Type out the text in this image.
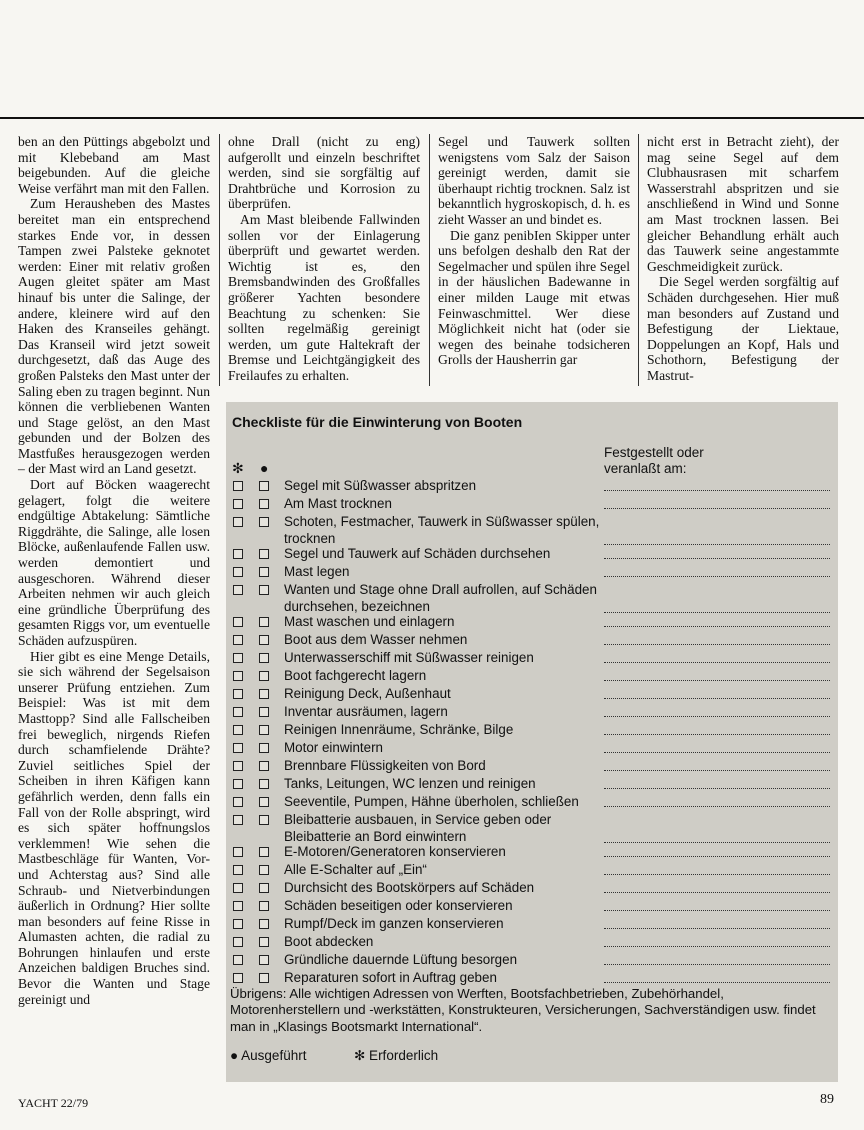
ben an den Püttings abgebolzt und mit Klebeband am Mast beigebunden. Auf die gleiche Weise verfährt man mit den Fallen.

Zum Herausheben des Mastes bereitet man ein entsprechend starkes Ende vor, in dessen Tampen zwei Palsteke geknotet werden: Einer mit relativ großen Augen gleitet später am Mast hinauf bis unter die Salinge, der andere, kleinere wird auf den Haken des Kranseiles gehängt. Das Kranseil wird jetzt soweit durchgesetzt, daß das Auge des großen Palsteks den Mast unter der Saling eben zu tragen beginnt. Nun können die verbliebenen Wanten und Stage gelöst, an den Mast gebunden und der Bolzen des Mastfußes herausgezogen werden – der Mast wird an Land gesetzt.

Dort auf Böcken waagerecht gelagert, folgt die weitere endgültige Abtakelung: Sämtliche Riggdrähte, die Salinge, alle losen Blöcke, außenlaufende Fallen usw. werden demontiert und ausgeschoren. Während dieser Arbeiten nehmen wir auch gleich eine gründliche Überprüfung des gesamten Riggs vor, um eventuelle Schäden aufzuspüren.

Hier gibt es eine Menge Details, sie sich während der Segelsaison unserer Prüfung entziehen. Zum Beispiel: Was ist mit dem Masttopp? Sind alle Fallscheiben frei beweglich, nirgends Riefen durch schamfielende Drähte? Zuviel seitliches Spiel der Scheiben in ihren Käfigen kann gefährlich werden, denn falls ein Fall von der Rolle abspringt, wird es sich später hoffnungslos verklemmen! Wie sehen die Mastbeschläge für Wanten, Vor- und Achterstag aus? Sind alle Schraub- und Nietverbindungen äußerlich in Ordnung? Hier sollte man besonders auf feine Risse in Alumasten achten, die radial zu Bohrungen hinlaufen und erste Anzeichen baldigen Bruches sind. Bevor die Wanten und Stage gereinigt und

ohne Drall (nicht zu eng) aufgerollt und einzeln beschriftet werden, sind sie sorgfältig auf Drahtbrüche und Korrosion zu überprüfen.

Am Mast bleibende Fallwinden sollen vor der Einlagerung überprüft und gewartet werden. Wichtig ist es, den Bremsbandwinden des Großfalles größerer Yachten besondere Beachtung zu schenken: Sie sollten regelmäßig gereinigt werden, um gute Haltekraft der Bremse und Leichtgängigkeit des Freilaufes zu erhalten.

Segel und Tauwerk sollten wenigstens vom Salz der Saison gereinigt werden, damit sie überhaupt richtig trocknen. Salz ist bekanntlich hygroskopisch, d. h. es zieht Wasser an und bindet es.

Die ganz penibIen Skipper unter uns befolgen deshalb den Rat der Segelmacher und spülen ihre Segel in der häuslichen Badewanne in einer milden Lauge mit etwas Feinwaschmittel. Wer diese Möglichkeit nicht hat (oder sie wegen des beinahe todsicheren Grolls der Hausherrin gar

nicht erst in Betracht zieht), der mag seine Segel auf dem Clubhausrasen mit scharfem Wasserstrahl abspritzen und sie anschließend in Wind und Sonne am Mast trocknen lassen. Bei gleicher Behandlung erhält auch das Tauwerk seine angestammte Geschmeidigkeit zurück.

Die Segel werden sorgfältig auf Schäden durchgesehen. Hier muß man besonders auf Zustand und Befestigung der Liektaue, Doppelungen an Kopf, Hals und Schothorn, Befestigung der Mastrut-

Checkliste für die Einwinterung von Booten
Festgestellt oder veranlaßt am:
✻ ●
Segel mit Süßwasser abspritzen
Am Mast trocknen
Schoten, Festmacher, Tauwerk in Süßwasser spülen, trocknen
Segel und Tauwerk auf Schäden durchsehen
Mast legen
Wanten und Stage ohne Drall aufrollen, auf Schäden durchsehen, bezeichnen
Mast waschen und einlagern
Boot aus dem Wasser nehmen
Unterwasserschiff mit Süßwasser reinigen
Boot fachgerecht lagern
Reinigung Deck, Außenhaut
Inventar ausräumen, lagern
Reinigen Innenräume, Schränke, Bilge
Motor einwintern
Brennbare Flüssigkeiten von Bord
Tanks, Leitungen, WC lenzen und reinigen
Seeventile, Pumpen, Hähne überholen, schließen
Bleibatterie ausbauen, in Service geben oder Bleibatterie an Bord einwintern
E-Motoren/Generatoren konservieren
Alle E-Schalter auf „Ein“
Durchsicht des Bootskörpers auf Schäden
Schäden beseitigen oder konservieren
Rumpf/Deck im ganzen konservieren
Boot abdecken
Gründliche dauernde Lüftung besorgen
Reparaturen sofort in Auftrag geben
Übrigens: Alle wichtigen Adressen von Werften, Bootsfachbetrieben, Zubehörhandel, Motorenherstellern und -werkstätten, Konstrukteuren, Versicherungen, Sachverständigen usw. findet man in „Klasings Bootsmarkt International“.
● Ausgeführt	✻ Erforderlich
YACHT 22/79	89
